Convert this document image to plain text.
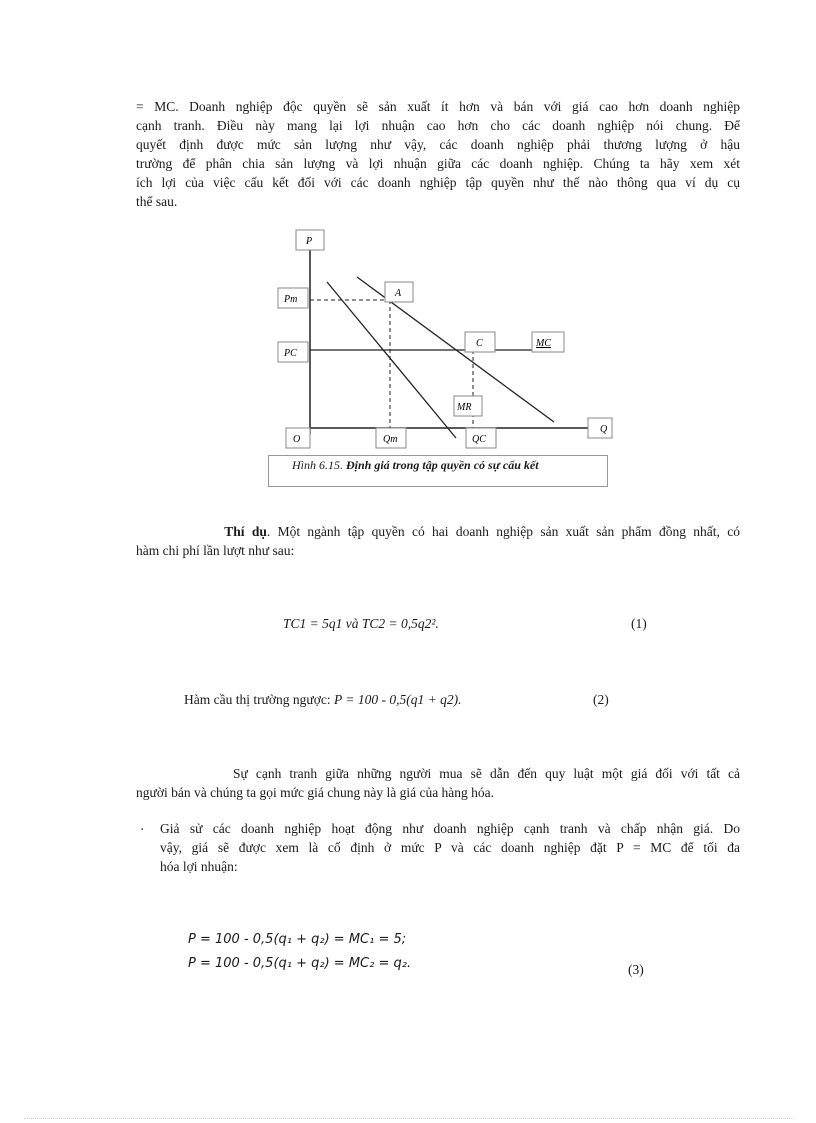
= MC. Doanh nghiệp độc quyền sẽ sản xuất ít hơn và bán với giá cao hơn doanh nghiệp
cạnh tranh. Điều này mang lại lợi nhuận cao hơn cho các doanh nghiệp nói chung. Để
quyết định được mức sản lượng như vậy, các doanh nghiệp phải thương lượng ở hậu
trường để phân chia sản lượng và lợi nhuận giữa các doanh nghiệp. Chúng ta hãy xem xét
ích lợi của việc cấu kết đối với các doanh nghiệp tập quyền như thế nào thông qua ví dụ cụ
thể sau.
P
Pm
A
PC
C	MC
MR
O	Qm	QC
Q
Hình 6.15. Định giá trong tập quyền có sự cấu kết
Thí dụ. Một ngành tập quyền có hai doanh nghiệp sản xuất sản phẩm đồng nhất, có
hàm chi phí lần lượt như sau:
TC1 = 5q1 và TC2 = 0,5q2².	(1)
Hàm cầu thị trường ngược: P = 100 - 0,5(q1 + q2).	(2)
Sự cạnh tranh giữa những người mua sẽ dẫn đến quy luật một giá đối với tất cả
người bán và chúng ta gọi mức giá chung này là giá của hàng hóa.
· Giả sử các doanh nghiệp hoạt động như doanh nghiệp cạnh tranh và chấp nhận giá. Do
vậy, giá sẽ được xem là cố định ở mức P và các doanh nghiệp đặt P = MC để tối đa
hóa lợi nhuận:
P = 100 - 0,5(q₁ + q₂) = MC₁ = 5;
P = 100 - 0,5(q₁ + q₂) = MC₂ = q₂.	(3)
